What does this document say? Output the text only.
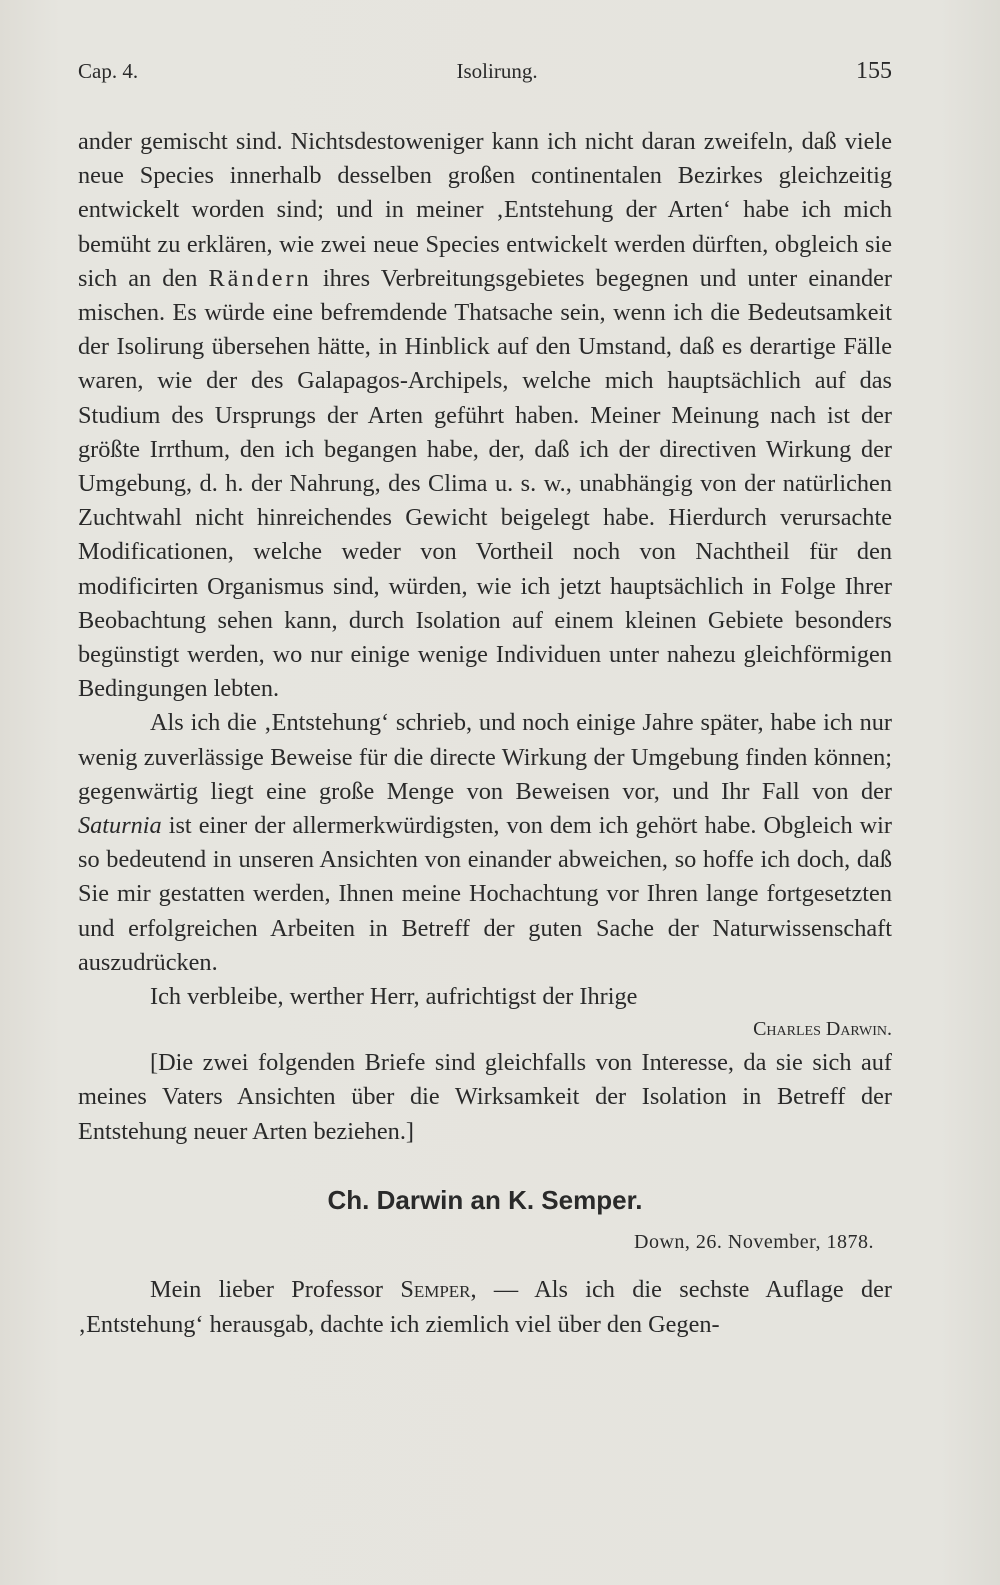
Cap. 4.	Isolirung.	155

ander gemischt sind. Nichtsdestoweniger kann ich nicht daran zweifeln, daß viele neue Species innerhalb desselben großen continentalen Bezirkes gleichzeitig entwickelt worden sind; und in meiner ‚Entstehung der Arten‘ habe ich mich bemüht zu erklären, wie zwei neue Species entwickelt werden dürften, obgleich sie sich an den Rändern ihres Verbreitungsgebietes begegnen und unter einander mischen. Es würde eine befremdende Thatsache sein, wenn ich die Bedeutsamkeit der Isolirung übersehen hätte, in Hinblick auf den Umstand, daß es derartige Fälle waren, wie der des Galapagos-Archipels, welche mich hauptsächlich auf das Studium des Ursprungs der Arten geführt haben. Meiner Meinung nach ist der größte Irrthum, den ich begangen habe, der, daß ich der directiven Wirkung der Umgebung, d. h. der Nahrung, des Clima u. s. w., unabhängig von der natürlichen Zuchtwahl nicht hinreichendes Gewicht beigelegt habe. Hierdurch verursachte Modificationen, welche weder von Vortheil noch von Nachtheil für den modificirten Organismus sind, würden, wie ich jetzt hauptsächlich in Folge Ihrer Beobachtung sehen kann, durch Isolation auf einem kleinen Gebiete besonders begünstigt werden, wo nur einige wenige Individuen unter nahezu gleichförmigen Bedingungen lebten.

Als ich die ‚Entstehung‘ schrieb, und noch einige Jahre später, habe ich nur wenig zuverlässige Beweise für die directe Wirkung der Umgebung finden können; gegenwärtig liegt eine große Menge von Beweisen vor, und Ihr Fall von der Saturnia ist einer der allermerkwürdigsten, von dem ich gehört habe. Obgleich wir so bedeutend in unseren Ansichten von einander abweichen, so hoffe ich doch, daß Sie mir gestatten werden, Ihnen meine Hochachtung vor Ihren lange fortgesetzten und erfolgreichen Arbeiten in Betreff der guten Sache der Naturwissenschaft auszudrücken.

Ich verbleibe, werther Herr, aufrichtigst der Ihrige

Charles Darwin.

[Die zwei folgenden Briefe sind gleichfalls von Interesse, da sie sich auf meines Vaters Ansichten über die Wirksamkeit der Isolation in Betreff der Entstehung neuer Arten beziehen.]

Ch. Darwin an K. Semper.
Down, 26. November, 1878.

Mein lieber Professor Semper, — Als ich die sechste Auflage der ‚Entstehung‘ herausgab, dachte ich ziemlich viel über den Gegen-
